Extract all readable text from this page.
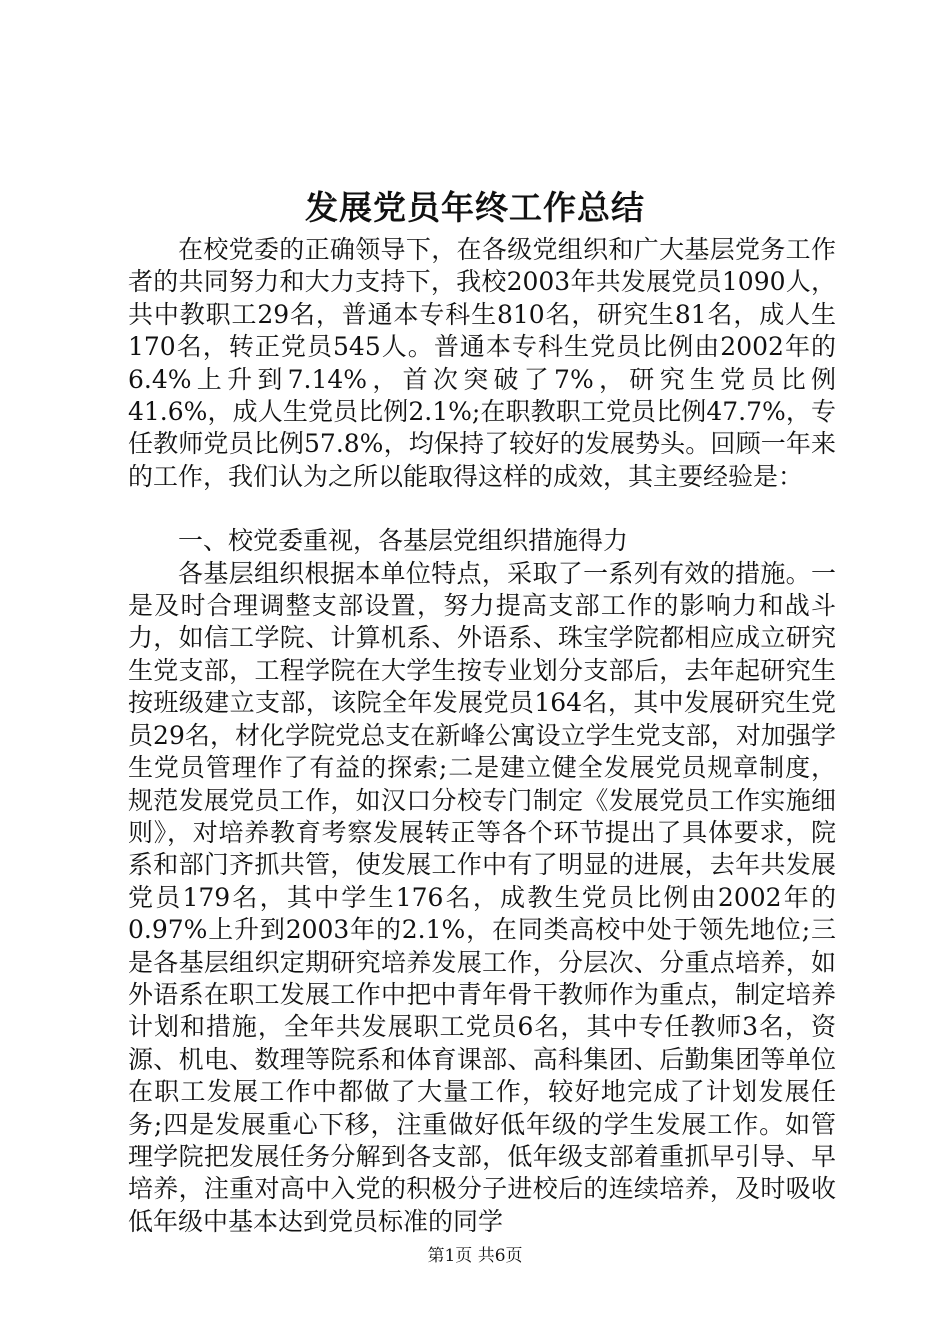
发展党员年终工作总结

在校党委的正确领导下，在各级党组织和广大基层党务工作者的共同努力和大力支持下，我校2003年共发展党员1090人，共中教职工29名，普通本专科生810名，研究生81名，成人生170名，转正党员545人。普通本专科生党员比例由2002年的6.4%上升到7.14%，首次突破了7%，研究生党员比例41.6%，成人生党员比例2.1%;在职教职工党员比例47.7%，专任教师党员比例57.8%，均保持了较好的发展势头。回顾一年来的工作，我们认为之所以能取得这样的成效，其主要经验是：

一、校党委重视，各基层党组织措施得力

各基层组织根据本单位特点，采取了一系列有效的措施。一是及时合理调整支部设置，努力提高支部工作的影响力和战斗力，如信工学院、计算机系、外语系、珠宝学院都相应成立研究生党支部，工程学院在大学生按专业划分支部后，去年起研究生按班级建立支部，该院全年发展党员164名，其中发展研究生党员29名，材化学院党总支在新峰公寓设立学生党支部，对加强学生党员管理作了有益的探索;二是建立健全发展党员规章制度，规范发展党员工作，如汉口分校专门制定《发展党员工作实施细则》，对培养教育考察发展转正等各个环节提出了具体要求，院系和部门齐抓共管，使发展工作中有了明显的进展，去年共发展党员179名，其中学生176名，成教生党员比例由2002年的0.97%上升到2003年的2.1%，在同类高校中处于领先地位;三是各基层组织定期研究培养发展工作，分层次、分重点培养，如外语系在职工发展工作中把中青年骨干教师作为重点，制定培养计划和措施，全年共发展职工党员6名，其中专任教师3名，资源、机电、数理等院系和体育课部、高科集团、后勤集团等单位在职工发展工作中都做了大量工作，较好地完成了计划发展任务;四是发展重心下移，注重做好低年级的学生发展工作。如管理学院把发展任务分解到各支部，低年级支部着重抓早引导、早培养，注重对高中入党的积极分子进校后的连续培养，及时吸收低年级中基本达到党员标准的同学

第1页 共6页
